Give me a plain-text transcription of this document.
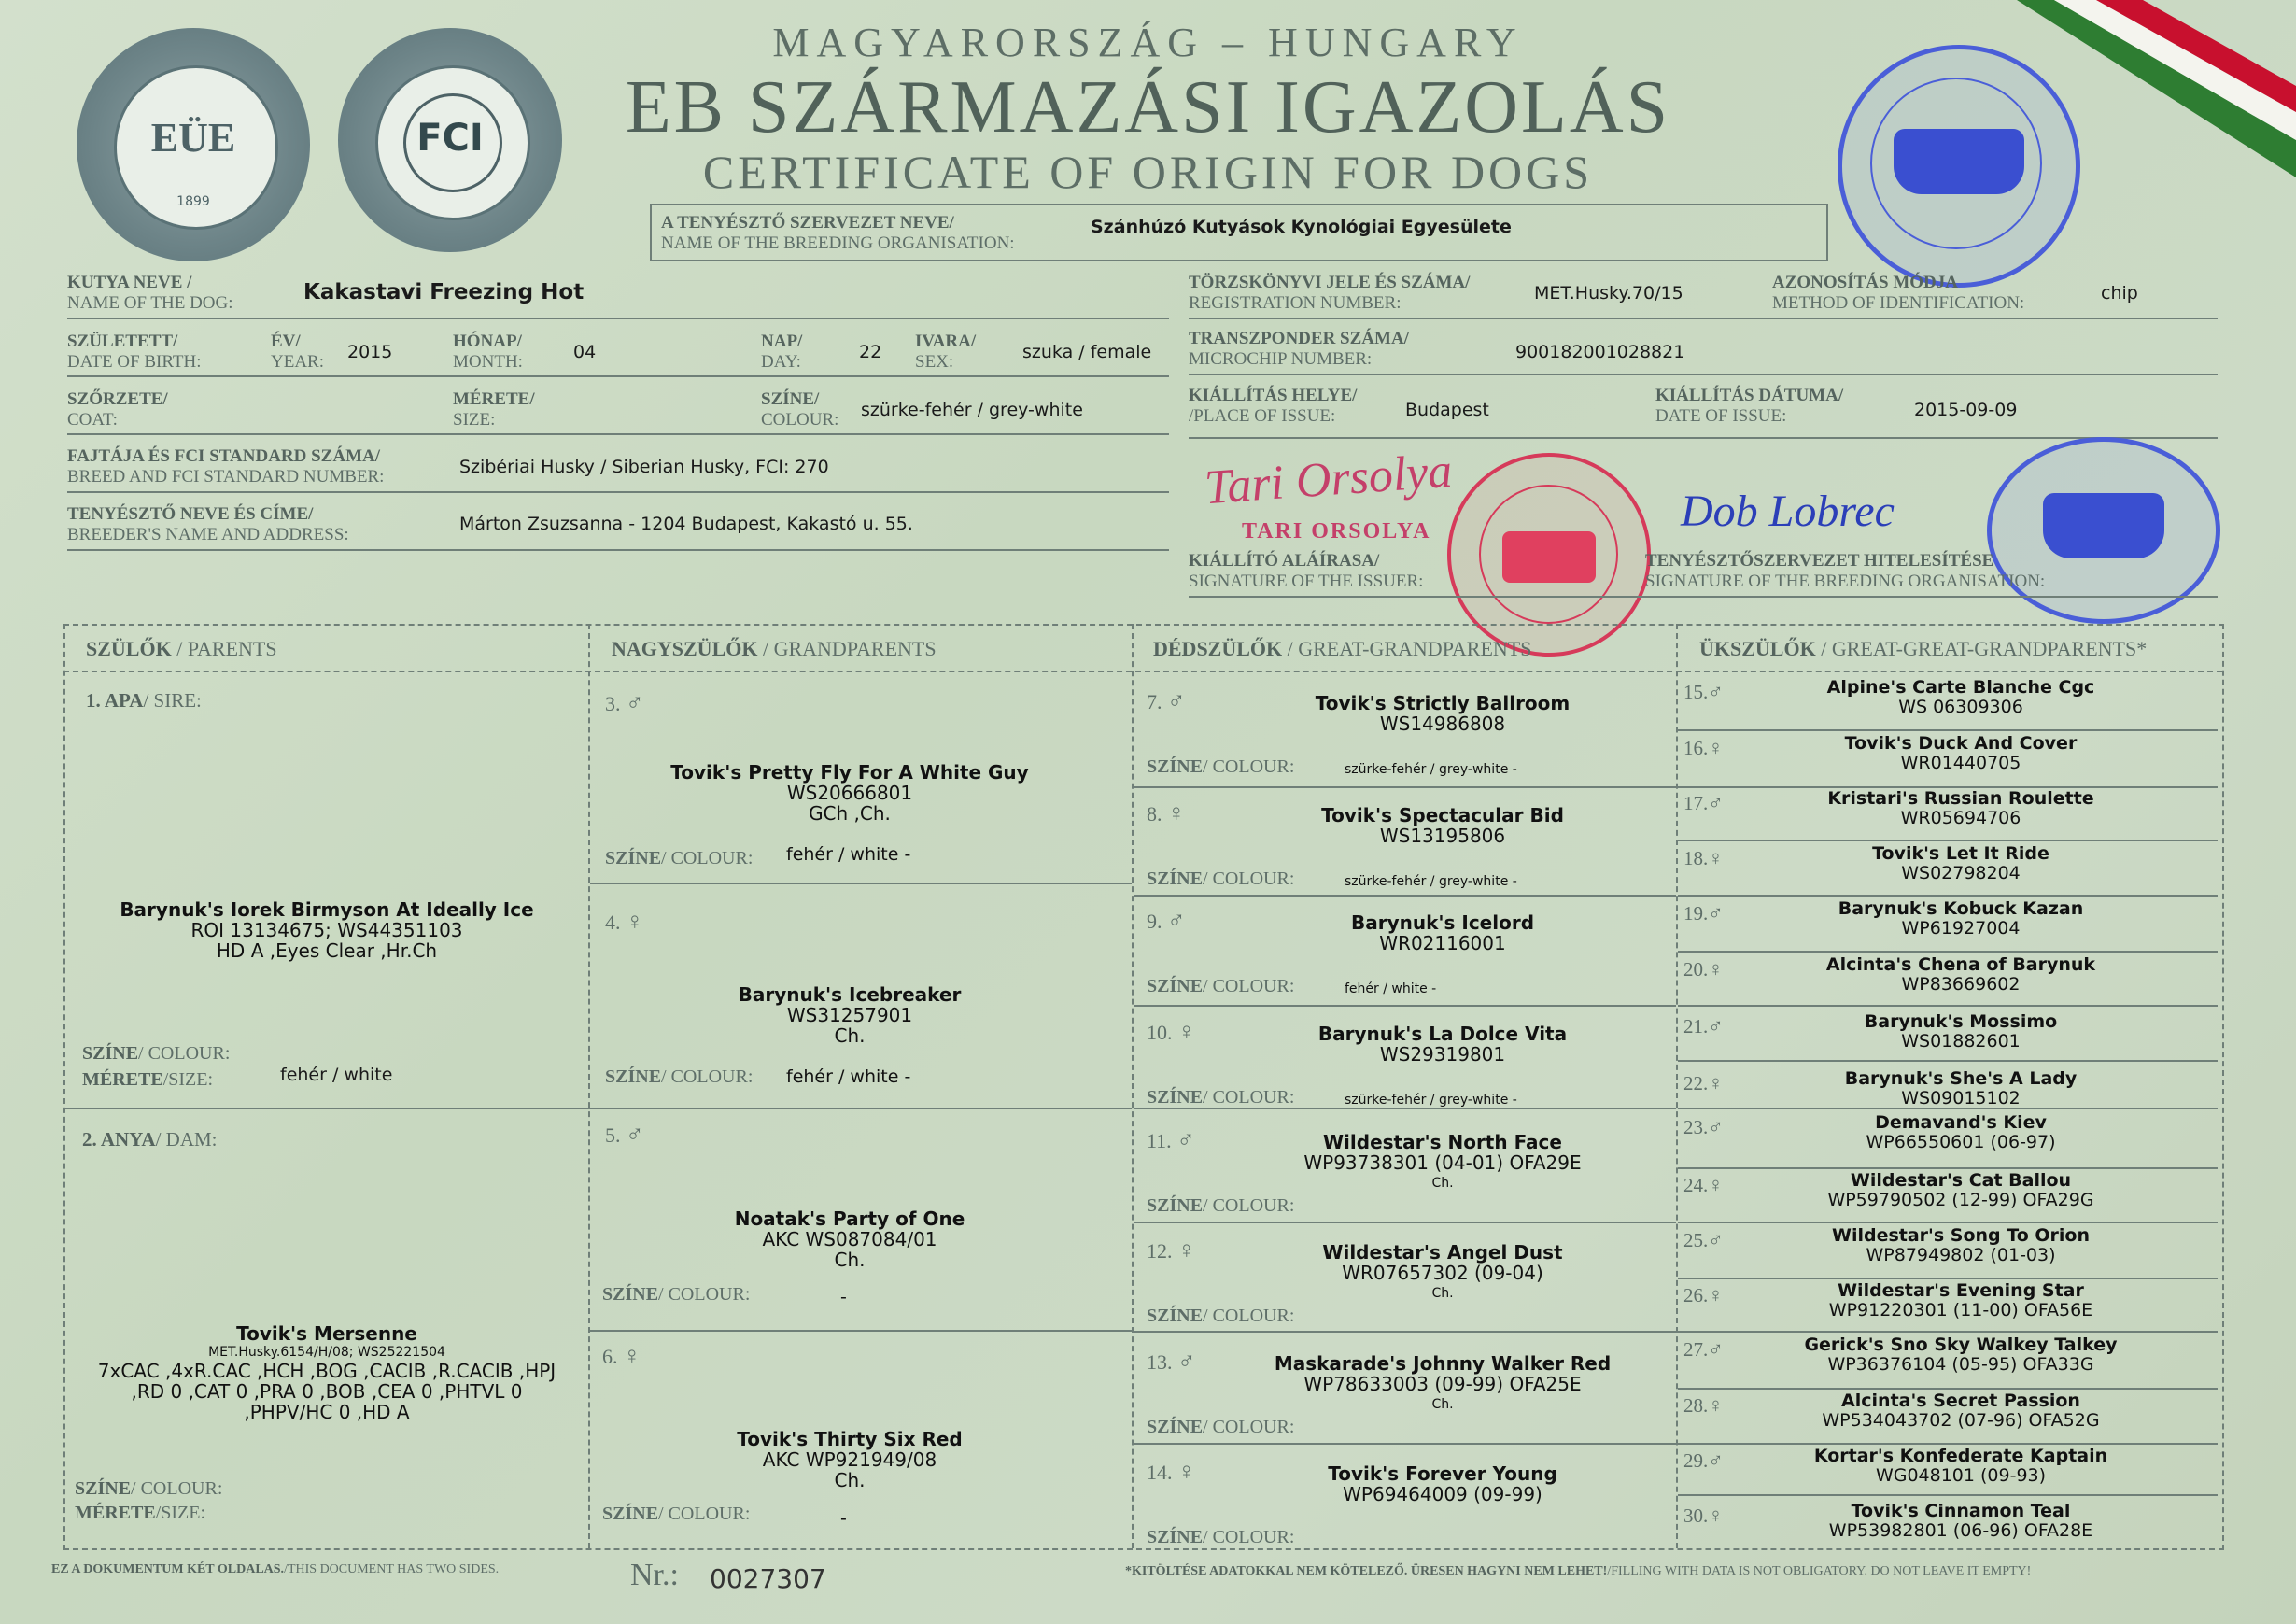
EÜE
1899
FCI
MAGYARORSZÁG – HUNGARY
EB SZÁRMAZÁSI IGAZOLÁS
CERTIFICATE OF ORIGIN FOR DOGS
A TENYÉSZTŐ SZERVEZET NEVE/
NAME OF THE BREEDING ORGANISATION:
Szánhúzó Kutyások Kynológiai Egyesülete
KUTYA NEVE /
NAME OF THE DOG:	Kakastavi Freezing Hot
SZÜLETETT/
DATE OF BIRTH:
ÉV/
YEAR: 2015
HÓNAP/
MONTH:	04
NAP/
DAY:	22
IVARA/
SEX:	szuka / female
SZŐRZETE/
COAT:
MÉRETE/
SIZE:
SZÍNE/
COLOUR: szürke-fehér / grey-white
FAJTÁJA ÉS FCI STANDARD SZÁMA/
BREED AND FCI STANDARD NUMBER:	Szibériai Husky / Siberian Husky, FCI: 270
TENYÉSZTŐ NEVE ÉS CÍME/
BREEDER'S NAME AND ADDRESS:
Márton Zsuzsanna - 1204 Budapest, Kakastó u. 55.
TÖRZSKÖNYVI JELE ÉS SZÁMA/
REGISTRATION NUMBER:	MET.Husky.70/15
AZONOSÍTÁS MÓDJA
METHOD OF IDENTIFICATION:	chip
TRANSZPONDER SZÁMA/
MICROCHIP NUMBER:	900182001028821
KIÁLLÍTÁS HELYE/
/PLACE OF ISSUE:	Budapest
KIÁLLÍTÁS DÁTUMA/
DATE OF ISSUE:	2015-09-09
Tari Orsolya
TARI ORSOLYA	Dob Lobrec
KIÁLLÍTÓ ALÁÍRASA/
SIGNATURE OF THE ISSUER:
TENYÉSZTŐSZERVEZET HITELESÍTÉSE
SIGNATURE OF THE BREEDING ORGANISATION:
SZÜLŐK / PARENTS	NAGYSZÜLŐK / GRANDPARENTS	DÉDSZÜLŐK / GREAT-GRANDPARENTS	ÜKSZÜLŐK / GREAT-GREAT-GRANDPARENTS*
1. APA/ SIRE:
Barynuk's Iorek Birmyson At Ideally Ice
ROI 13134675; WS44351103
HD A ,Eyes Clear ,Hr.Ch
SZÍNE/ COLOUR:
MÉRETE/SIZE:	fehér / white
2. ANYA/ DAM:
Tovik's Mersenne
MET.Husky.6154/H/08; WS25221504
7xCAC ,4xR.CAC ,HCH ,BOG ,CACIB ,R.CACIB ,HPJ
,RD 0 ,CAT 0 ,PRA 0 ,BOB ,CEA 0 ,PHTVL 0
,PHPV/HC 0 ,HD A
SZÍNE/ COLOUR:
MÉRETE/SIZE:
3. ♂
Tovik's Pretty Fly For A White Guy
WS20666801
GCh ,Ch.
SZÍNE/ COLOUR: fehér / white -
4. ♀
Barynuk's Icebreaker
WS31257901
Ch.
SZÍNE/ COLOUR: fehér / white -
5. ♂
Noatak's Party of One
AKC WS087084/01
Ch.
SZÍNE/ COLOUR:	-
6. ♀
Tovik's Thirty Six Red
AKC WP921949/08
Ch.
SZÍNE/ COLOUR:	-
7. ♂	Tovik's Strictly Ballroom
WS14986808
SZÍNE/ COLOUR:	szürke-fehér / grey-white -
8. ♀	Tovik's Spectacular Bid
WS13195806
SZÍNE/ COLOUR:	szürke-fehér / grey-white -
9. ♂	Barynuk's Icelord
WR02116001
SZÍNE/ COLOUR:	fehér / white -
10. ♀	Barynuk's La Dolce Vita
WS29319801
SZÍNE/ COLOUR:	szürke-fehér / grey-white -
11. ♂	Wildestar's North Face
WP93738301 (04-01) OFA29E
Ch.
SZÍNE/ COLOUR:
12. ♀	Wildestar's Angel Dust
WR07657302 (09-04)
Ch.
SZÍNE/ COLOUR:
13. ♂	Maskarade's Johnny Walker Red
WP78633003 (09-99) OFA25E
Ch.
SZÍNE/ COLOUR:
14. ♀	Tovik's Forever Young
WP69464009 (09-99)
SZÍNE/ COLOUR:
15.♂	Alpine's Carte Blanche Cgc
WS 06309306
16.♀	Tovik's Duck And Cover
WR01440705
17.♂	Kristari's Russian Roulette
WR05694706
18.♀	Tovik's Let It Ride
WS02798204
19.♂	Barynuk's Kobuck Kazan
WP61927004
20.♀	Alcinta's Chena of Barynuk
WP83669602
21.♂	Barynuk's Mossimo
WS01882601
22.♀	Barynuk's She's A Lady
WS09015102
23.♂	Demavand's Kiev
WP66550601 (06-97)
24.♀	Wildestar's Cat Ballou
WP59790502 (12-99) OFA29G
25.♂	Wildestar's Song To Orion
WP87949802 (01-03)
26.♀	Wildestar's Evening Star
WP91220301 (11-00) OFA56E
27.♂	Gerick's Sno Sky Walkey Talkey
WP36376104 (05-95) OFA33G
28.♀	Alcinta's Secret Passion
WP534043702 (07-96) OFA52G
29.♂	Kortar's Konfederate Kaptain
WG048101 (09-93)
30.♀	Tovik's Cinnamon Teal
WP53982801 (06-96) OFA28E
EZ A DOKUMENTUM KÉT OLDALAS./THIS DOCUMENT HAS TWO SIDES.	Nr.: 0027307	*KITÖLTÉSE ADATOKKAL NEM KÖTELEZŐ. ÜRESEN HAGYNI NEM LEHET!/FILLING WITH DATA IS NOT OBLIGATORY. DO NOT LEAVE IT EMPTY!
